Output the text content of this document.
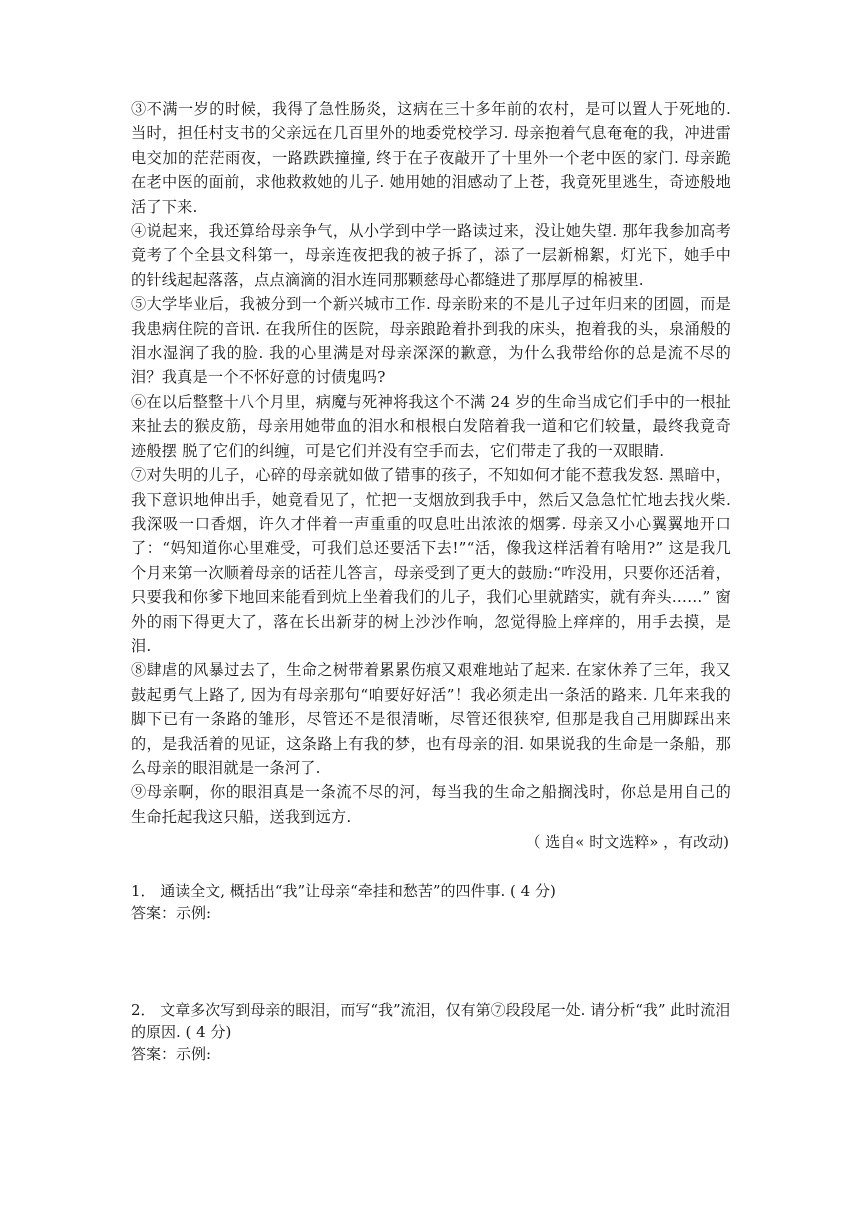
③不满一岁的时候，我得了急性肠炎，这病在三十多年前的农村，是可以置人于死地的. 当时，担任村支书的父亲远在几百里外的地委党校学习. 母亲抱着气息奄奄的我，冲进雷电交加的茫茫雨夜，一路跌跌撞撞, 终于在子夜敲开了十里外一个老中医的家门. 母亲跪在老中医的面前，求他救救她的儿子. 她用她的泪感动了上苍，我竟死里逃生，奇迹般地活了下来.

④说起来，我还算给母亲争气，从小学到中学一路读过来，没让她失望. 那年我参加高考竟考了个全县文科第一，母亲连夜把我的被子拆了，添了一层新棉絮，灯光下，她手中的针线起起落落，点点滴滴的泪水连同那颗慈母心都缝进了那厚厚的棉被里.

⑤大学毕业后，我被分到一个新兴城市工作. 母亲盼来的不是儿子过年归来的团圆，而是我患病住院的音讯. 在我所住的医院，母亲踉跄着扑到我的床头，抱着我的头，泉涌般的泪水湿润了我的脸. 我的心里满是对母亲深深的歉意，为什么我带给你的总是流不尽的泪？我真是一个不怀好意的讨债鬼吗?

⑥在以后整整十八个月里，病魔与死神将我这个不满 24 岁的生命当成它们手中的一根扯来扯去的猴皮筋，母亲用她带血的泪水和根根白发陪着我一道和它们较量，最终我竟奇迹般摆 脱了它们的纠缠，可是它们并没有空手而去，它们带走了我的一双眼睛.

⑦对失明的儿子，心碎的母亲就如做了错事的孩子，不知如何才能不惹我发怒. 黑暗中，我下意识地伸出手，她竟看见了，忙把一支烟放到我手中，然后又急急忙忙地去找火柴. 我深吸一口香烟，许久才伴着一声重重的叹息吐出浓浓的烟雾. 母亲又小心翼翼地开口了：“妈知道你心里难受，可我们总还要活下去!”“活，像我这样活着有啥用?” 这是我几个月来第一次顺着母亲的话茬儿答言，母亲受到了更大的鼓励:“咋没用，只要你还活着，只要我和你爹下地回来能看到炕上坐着我们的儿子，我们心里就踏实，就有奔头……” 窗外的雨下得更大了，落在长出新芽的树上沙沙作响，忽觉得脸上痒痒的，用手去摸，是泪.

⑧肆虐的风暴过去了，生命之树带着累累伤痕又艰难地站了起来. 在家休养了三年，我又鼓起勇气上路了, 因为有母亲那句“咱要好好活”！我必须走出一条活的路来. 几年来我的脚下已有一条路的雏形，尽管还不是很清晰，尽管还很狭窄, 但那是我自己用脚踩出来的，是我活着的见证，这条路上有我的梦，也有母亲的泪. 如果说我的生命是一条船，那么母亲的眼泪就是一条河了.

⑨母亲啊，你的眼泪真是一条流不尽的河，每当我的生命之船搁浅时，你总是用自己的生命托起我这只船，送我到远方.

（ 选自« 时文选粹» ，有改动)

1． 通读全文, 概括出“我”让母亲“牵挂和愁苦”的四件事. ( 4 分)

答案：示例:

2． 文章多次写到母亲的眼泪，而写“我”流泪，仅有第⑦段段尾一处. 请分析“我” 此时流泪的原因. ( 4 分)

答案：示例:
